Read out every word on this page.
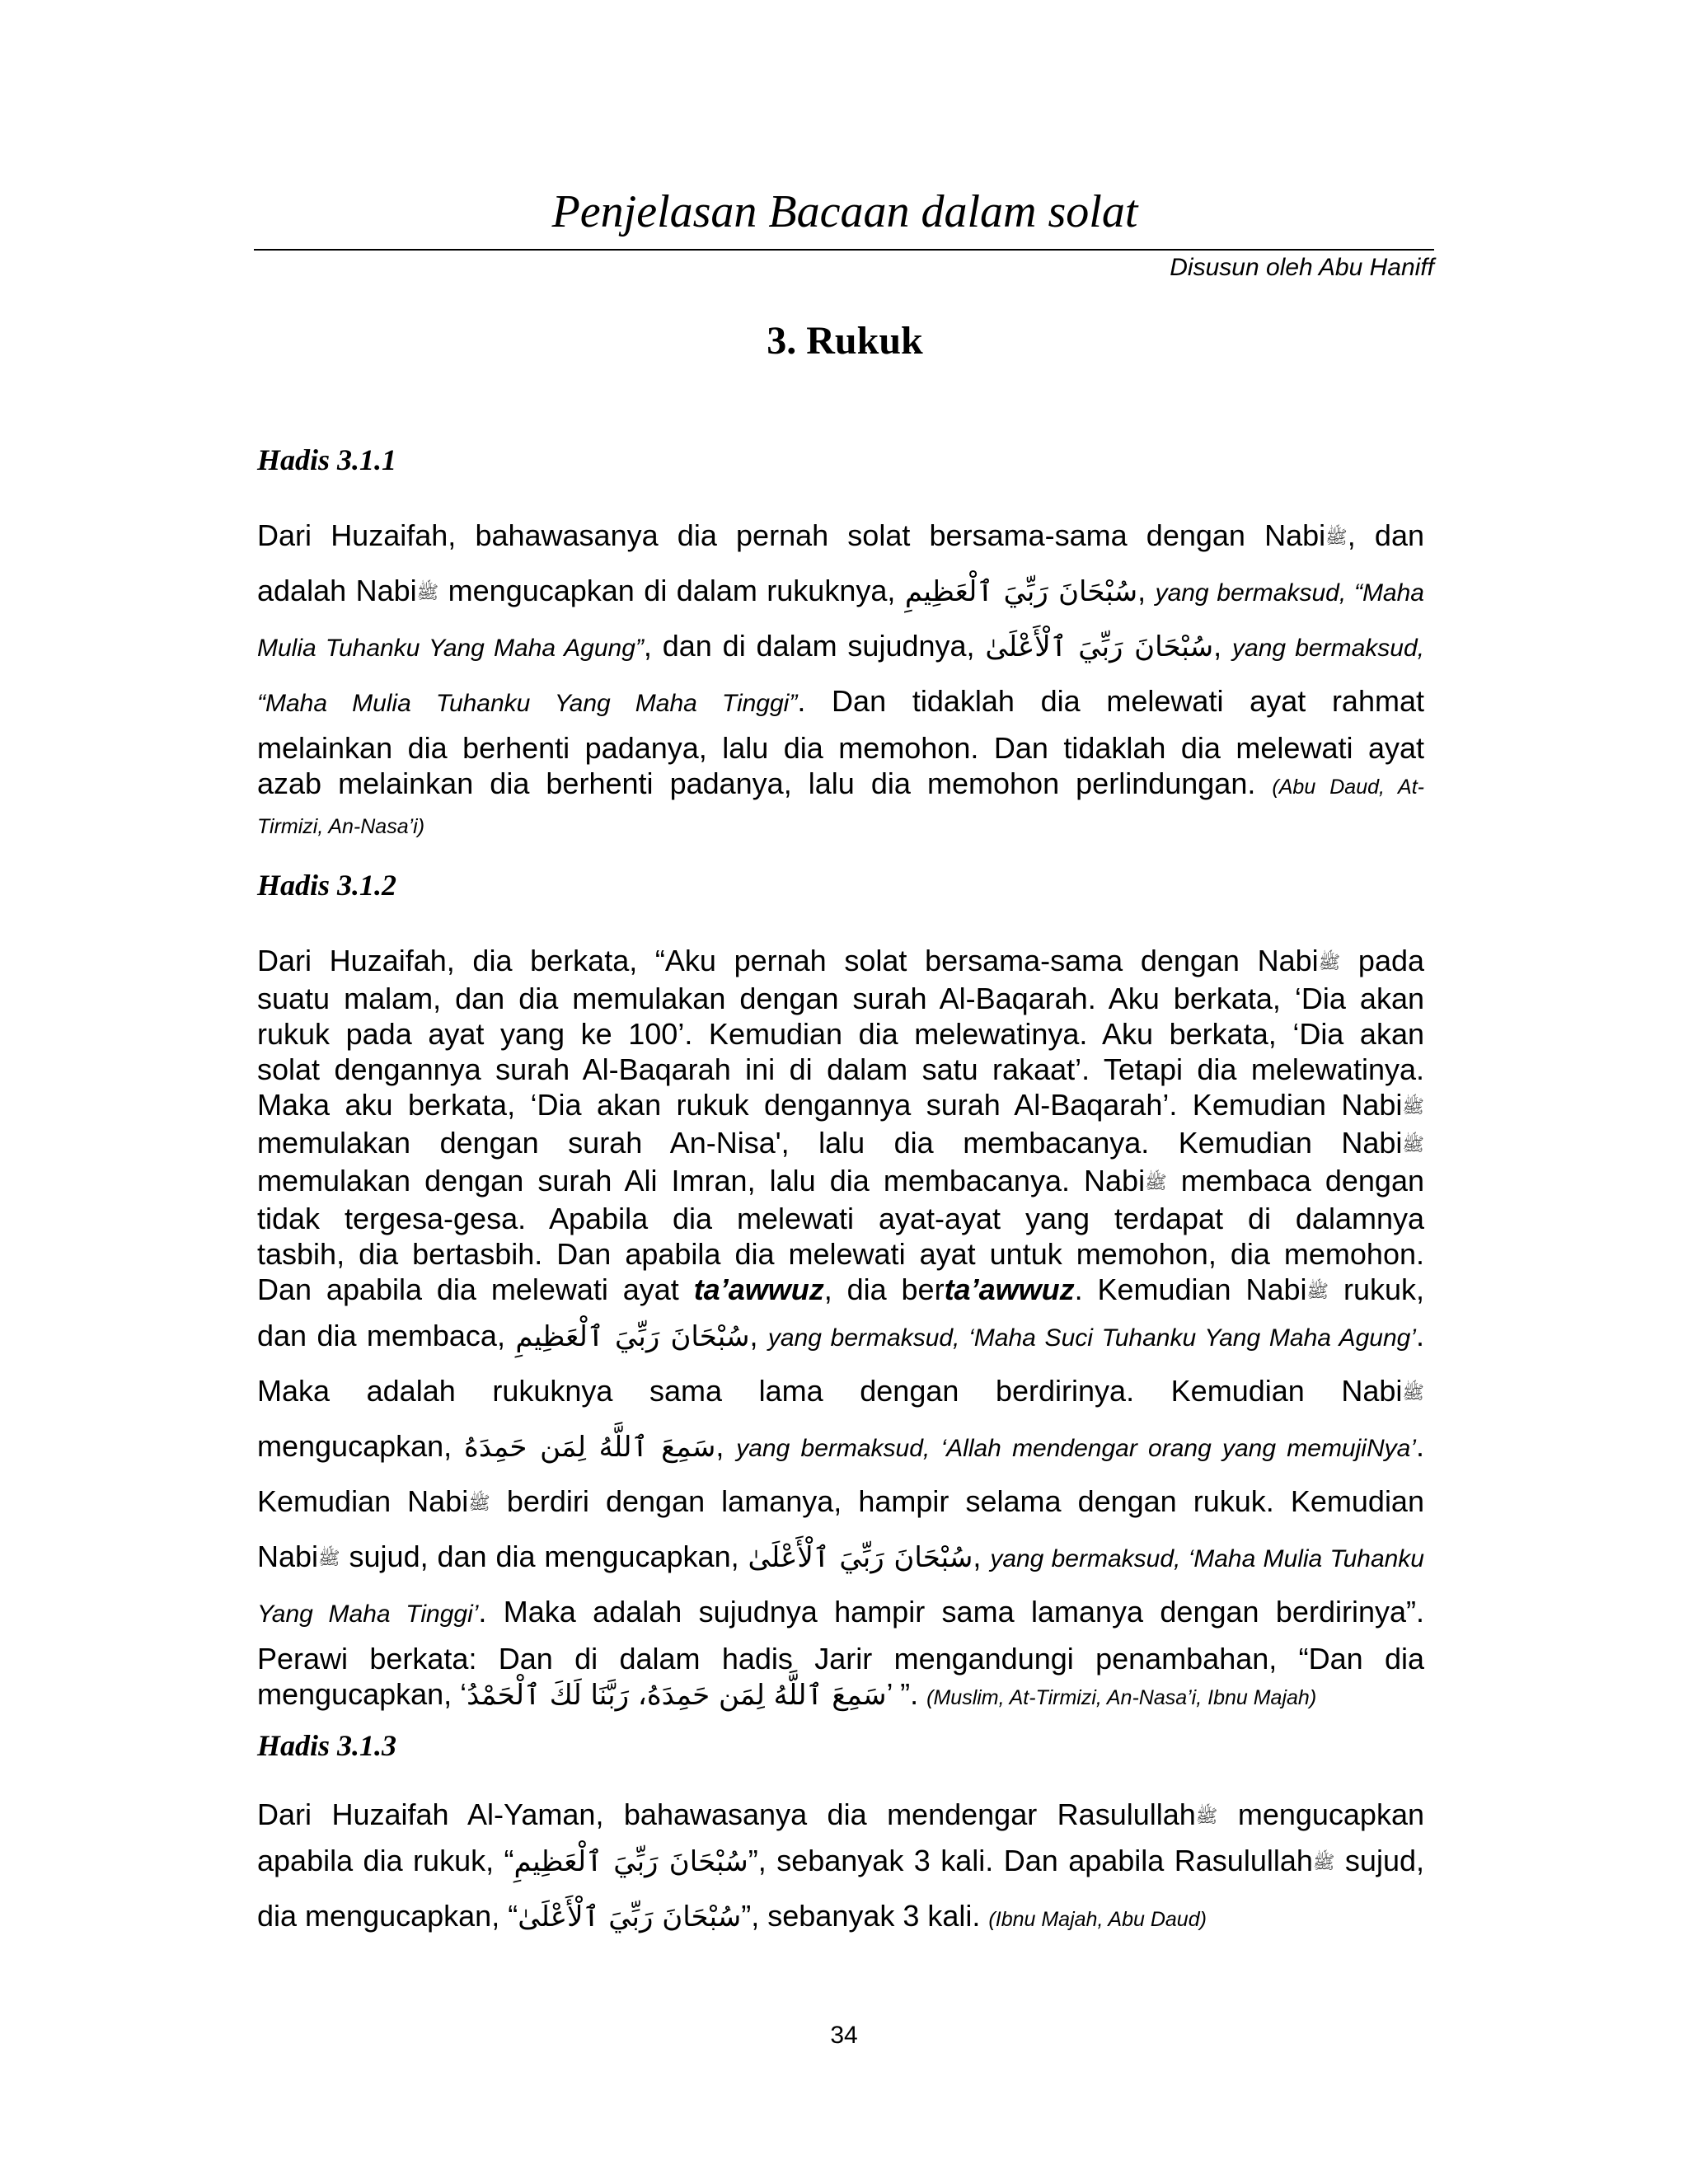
Penjelasan Bacaan dalam solat
Disusun oleh Abu Haniff
3. Rukuk
Hadis 3.1.1
Dari Huzaifah, bahawasanya dia pernah solat bersama-sama dengan Nabiﷺ, dan
adalah Nabiﷺ mengucapkan di dalam rukuknya, سُبْحَانَ رَبِّيَ ٱلْعَظِيمِ, yang bermaksud, “Maha
Mulia Tuhanku Yang Maha Agung”, dan di dalam sujudnya, سُبْحَانَ رَبِّيَ ٱلْأَعْلَىٰ, yang bermaksud,
“Maha Mulia Tuhanku Yang Maha Tinggi”. Dan tidaklah dia melewati ayat rahmat
melainkan dia berhenti padanya, lalu dia memohon. Dan tidaklah dia melewati ayat
azab melainkan dia berhenti padanya, lalu dia memohon perlindungan. (Abu Daud, At-
Tirmizi, An-Nasa’i)
Hadis 3.1.2
Dari Huzaifah, dia berkata, “Aku pernah solat bersama-sama dengan Nabiﷺ pada
suatu malam, dan dia memulakan dengan surah Al-Baqarah. Aku berkata, ‘Dia akan
rukuk pada ayat yang ke 100’. Kemudian dia melewatinya. Aku berkata, ‘Dia akan
solat dengannya surah Al-Baqarah ini di dalam satu rakaat’. Tetapi dia melewatinya.
Maka aku berkata, ‘Dia akan rukuk dengannya surah Al-Baqarah’. Kemudian Nabiﷺ
memulakan dengan surah An-Nisa', lalu dia membacanya. Kemudian Nabiﷺ
memulakan dengan surah Ali Imran, lalu dia membacanya. Nabiﷺ membaca dengan
tidak tergesa-gesa. Apabila dia melewati ayat-ayat yang terdapat di dalamnya
tasbih, dia bertasbih. Dan apabila dia melewati ayat untuk memohon, dia memohon.
Dan apabila dia melewati ayat ta’awwuz, dia berta’awwuz. Kemudian Nabiﷺ rukuk,
dan dia membaca, سُبْحَانَ رَبِّيَ ٱلْعَظِيمِ, yang bermaksud, ‘Maha Suci Tuhanku Yang Maha Agung’.
Maka adalah rukuknya sama lama dengan berdirinya. Kemudian Nabiﷺ
mengucapkan, سَمِعَ ٱللَّهُ لِمَن حَمِدَهُ, yang bermaksud, ‘Allah mendengar orang yang memujiNya’.
Kemudian Nabiﷺ berdiri dengan lamanya, hampir selama dengan rukuk. Kemudian
Nabiﷺ sujud, dan dia mengucapkan, سُبْحَانَ رَبِّيَ ٱلْأَعْلَىٰ, yang bermaksud, ‘Maha Mulia Tuhanku
Yang Maha Tinggi’. Maka adalah sujudnya hampir sama lamanya dengan berdirinya”.
Perawi berkata: Dan di dalam hadis Jarir mengandungi penambahan, “Dan dia
mengucapkan, ‘سَمِعَ ٱللَّهُ لِمَن حَمِدَهُ، رَبَّنَا لَكَ ٱلْحَمْدُ’ ”. (Muslim, At-Tirmizi, An-Nasa’i, Ibnu Majah)
Hadis 3.1.3
Dari Huzaifah Al-Yaman, bahawasanya dia mendengar Rasulullahﷺ mengucapkan
apabila dia rukuk, “سُبْحَانَ رَبِّيَ ٱلْعَظِيمِ”, sebanyak 3 kali. Dan apabila Rasulullahﷺ sujud,
dia mengucapkan, “سُبْحَانَ رَبِّيَ ٱلْأَعْلَىٰ”, sebanyak 3 kali. (Ibnu Majah, Abu Daud)
34
